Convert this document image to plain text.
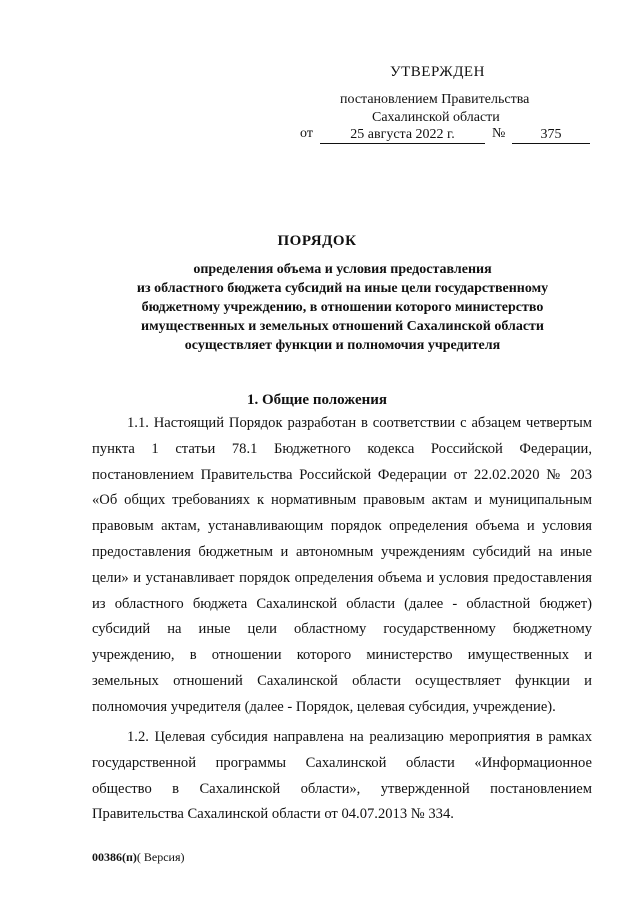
УТВЕРЖДЕН
постановлением Правительства
Сахалинской области
от	25 августа 2022 г.	№	375
ПОРЯДОК
определения объема и условия предоставления
из областного бюджета субсидий на иные цели государственному
бюджетному учреждению, в отношении которого министерство
имущественных и земельных отношений Сахалинской области
осуществляет функции и полномочия учредителя
1. Общие положения
1.1. Настоящий Порядок разработан в соответствии с абзацем четвертым
пункта 1 статьи 78.1 Бюджетного кодекса Российской Федерации,
постановлением Правительства Российской Федерации от 22.02.2020 № 203
«Об общих требованиях к нормативным правовым актам и муниципальным
правовым актам, устанавливающим порядок определения объема и условия
предоставления бюджетным и автономным учреждениям субсидий на иные
цели» и устанавливает порядок определения объема и условия предоставления
из областного бюджета Сахалинской области (далее - областной бюджет)
субсидий на иные цели областному государственному бюджетному
учреждению, в отношении которого министерство имущественных и
земельных отношений Сахалинской области осуществляет функции и
полномочия учредителя (далее - Порядок, целевая субсидия, учреждение).
1.2. Целевая субсидия направлена на реализацию мероприятия в рамках
государственной программы Сахалинской области «Информационное
общество в Сахалинской области», утвержденной постановлением
Правительства Сахалинской области от 04.07.2013 № 334.
00386(п)( Версия)
